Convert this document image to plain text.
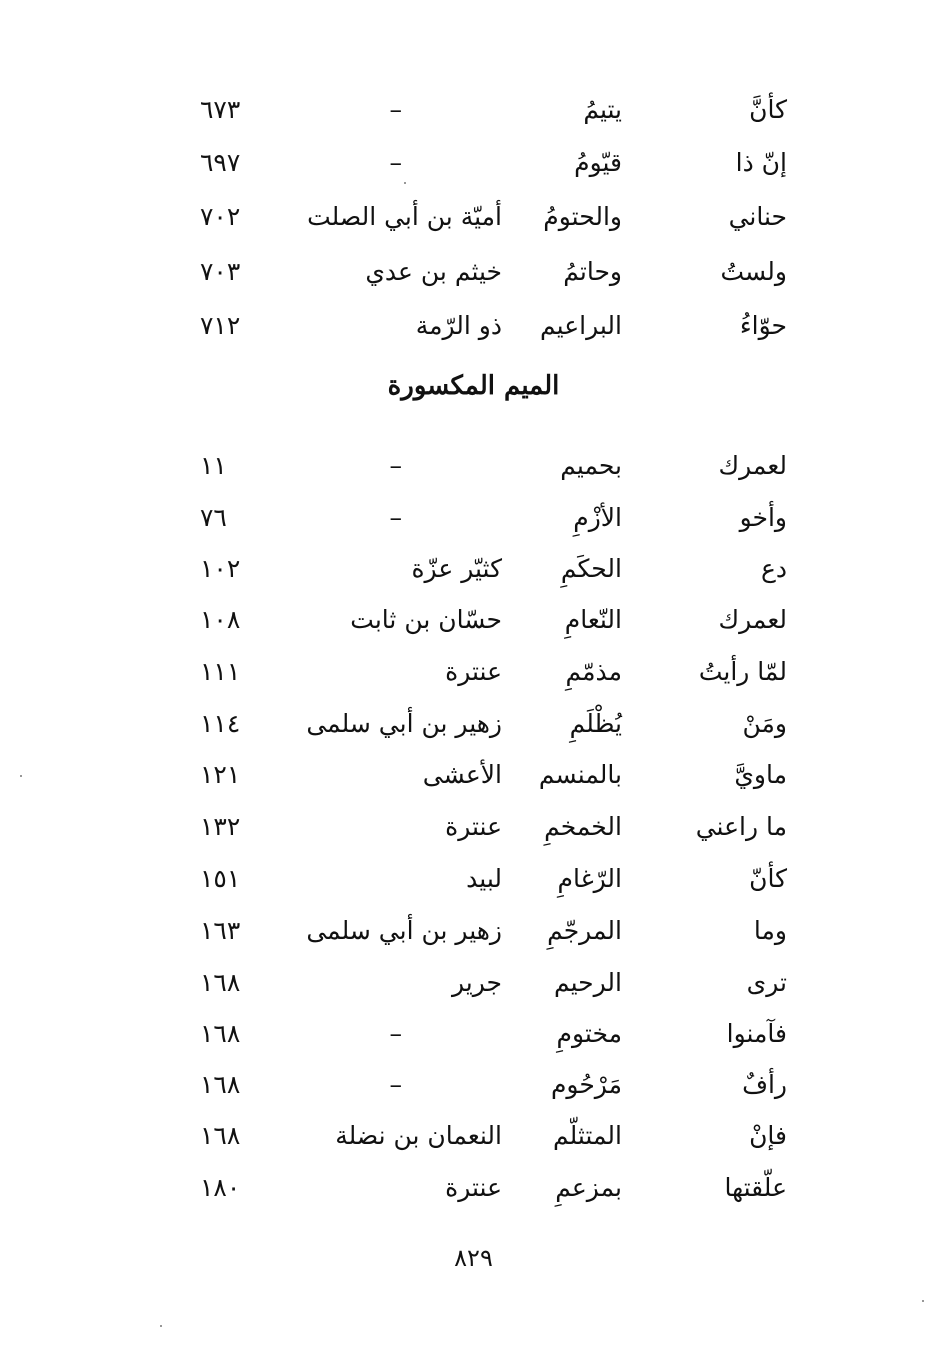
كأنَّ
يتيمُ
–
٦٧٣
إنّ ذا
قيّومُ
–
٦٩٧
حناني
والحتومُ
أميّة بن أبي الصلت
٧٠٢
ولستُ
وحاتمُ
خيثم بن عدي
٧٠٣
حوّاءُ
البراعيم
ذو الرّمة
٧١٢
الميم المكسورة
لعمرك
بحميم
–
١١
وأخو
الأزْمِ
–
٧٦
دع
الحكَمِ
كثيّر عزّة
١٠٢
لعمرك
النّعامِ
حسّان بن ثابت
١٠٨
لمّا رأيتُ
مذمّمِ
عنترة
١١١
ومَنْ
يُظْلَمِ
زهير بن أبي سلمى
١١٤
ماويَّ
بالمنسم
الأعشى
١٢١
ما راعني
الخمخمِ
عنترة
١٣٢
كأنّ
الرّغامِ
لبيد
١٥١
وما
المرجّمِ
زهير بن أبي سلمى
١٦٣
ترى
الرحيم
جرير
١٦٨
فآمنوا
مختومِ
–
١٦٨
رأفٌ
مَرْحُوم
–
١٦٨
فإنْ
المتثلّم
النعمان بن نضلة
١٦٨
علّقتها
بمزعمِ
عنترة
١٨٠
٨٢٩
